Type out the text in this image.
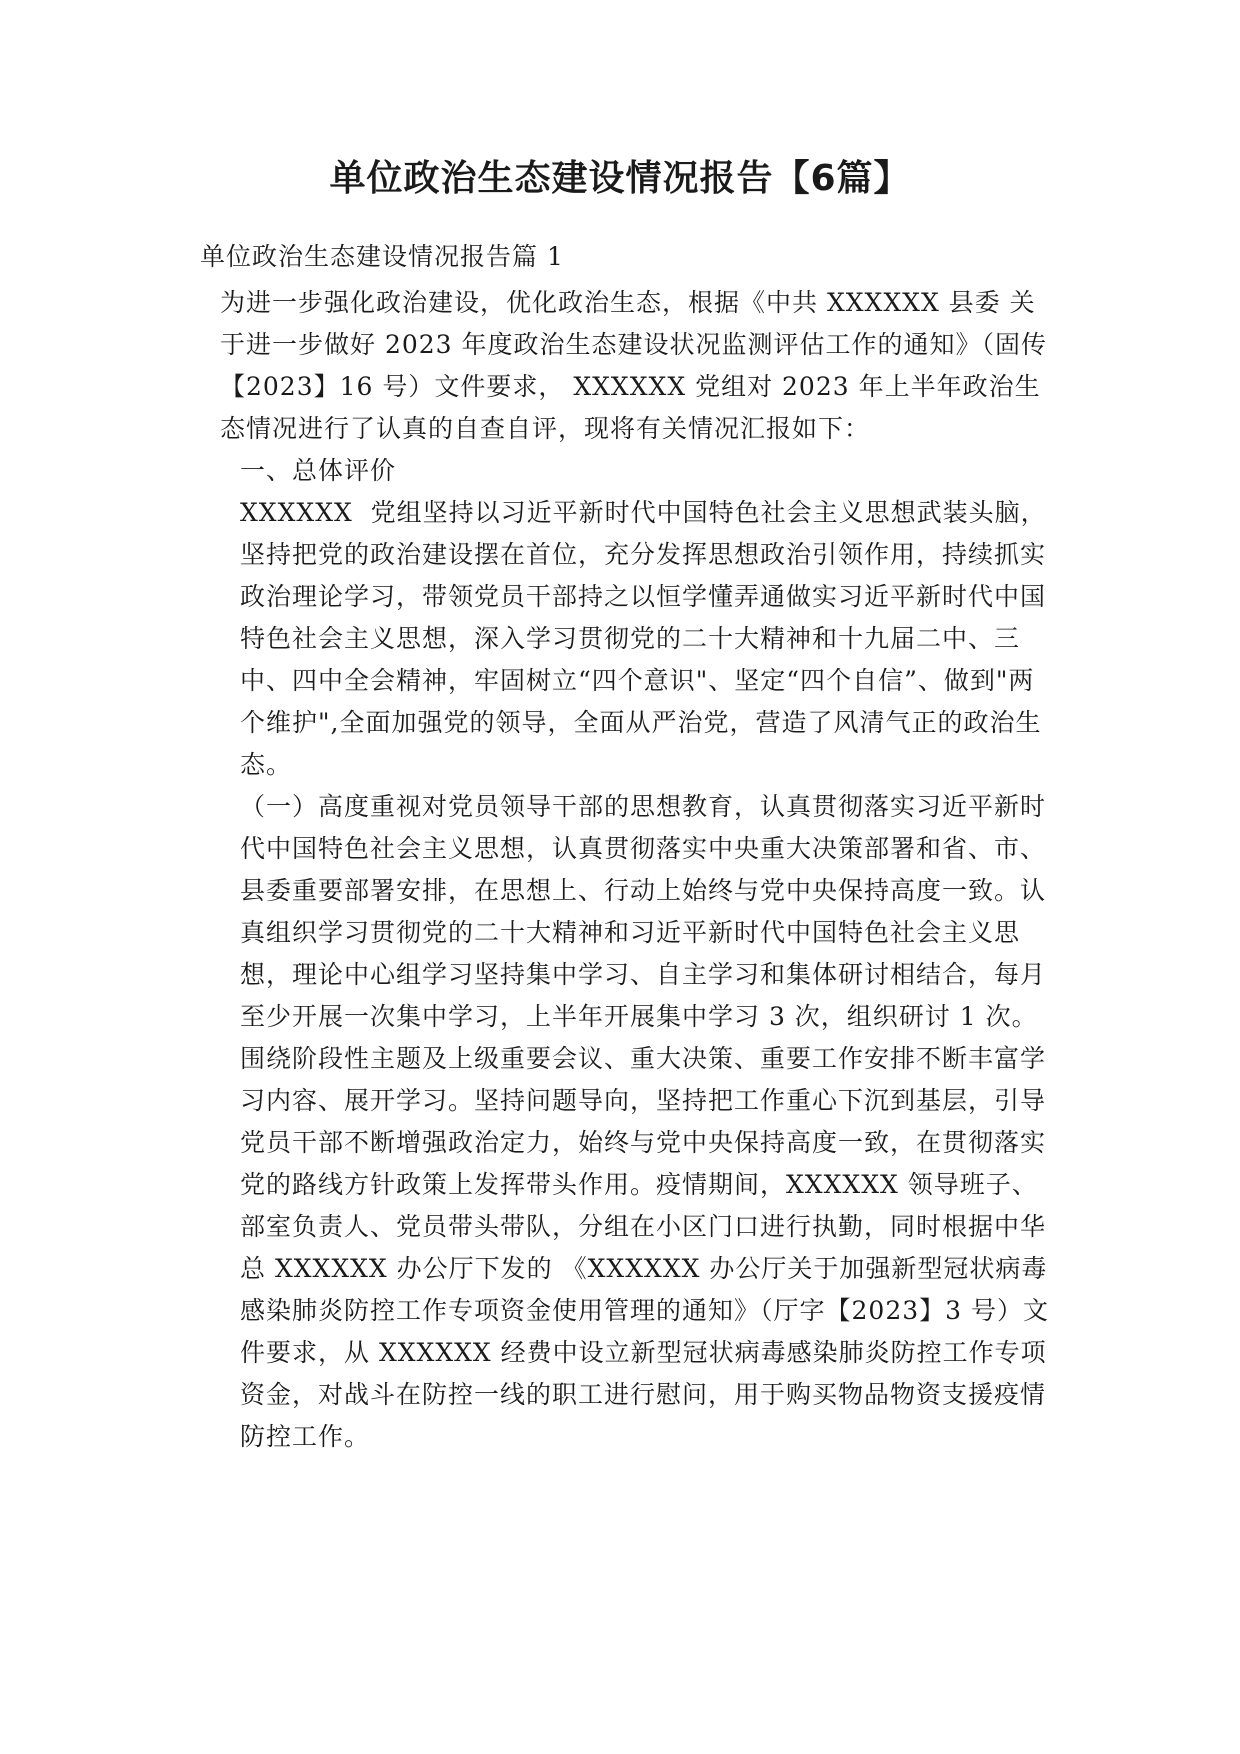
单位政治生态建设情况报告【6篇】

单位政治生态建设情况报告篇 1

为进一步强化政治建设，优化政治生态，根据《中共 XXXXXX 县委 关于进一步做好 2023 年度政治生态建设状况监测评估工作的通知》（固传【2023】16 号）文件要求， XXXXXX 党组对 2023 年上半年政治生
态情况进行了认真的自查自评，现将有关情况汇报如下：

一、总体评价

XXXXXX  党组坚持以习近平新时代中国特色社会主义思想武装头脑，坚持把党的政治建设摆在首位，充分发挥思想政治引领作用，持续抓实政治理论学习，带领党员干部持之以恒学懂弄通做实习近平新时代中国特色社会主义思想，深入学习贯彻党的二十大精神和十九届二中、三中、四中全会精神，牢固树立“四个意识"、坚定“四个自信”、做到"两个维护",全面加强党的领导，全面从严治党，营造了风清气正的政治生态。

（一）高度重视对党员领导干部的思想教育，认真贯彻落实习近平新时代中国特色社会主义思想，认真贯彻落实中央重大决策部署和省、市、县委重要部署安排，在思想上、行动上始终与党中央保持高度一致。认真组织学习贯彻党的二十大精神和习近平新时代中国特色社会主义思想，理论中心组学习坚持集中学习、自主学习和集体研讨相结合，每月至少开展一次集中学习，上半年开展集中学习 3 次，组织研讨 1 次。围绕阶段性主题及上级重要会议、重大决策、重要工作安排不断丰富学习内容、展开学习。坚持问题导向，坚持把工作重心下沉到基层，引导党员干部不断增强政治定力，始终与党中央保持高度一致，在贯彻落实党的路线方针政策上发挥带头作用。疫情期间，XXXXXX 领导班子、部室负责人、党员带头带队，分组在小区门口进行执勤，同时根据中华总 XXXXXX 办公厅下发的 《XXXXXX 办公厅关于加强新型冠状病毒感染肺炎防控工作专项资金使用管理的通知》（厅字【2023】3 号）文件要求，从 XXXXXX 经费中设立新型冠状病毒感染肺炎防控工作专项资金，对战斗在防控一线的职工进行慰问，用于购买物品物资支援疫情防控工作。
